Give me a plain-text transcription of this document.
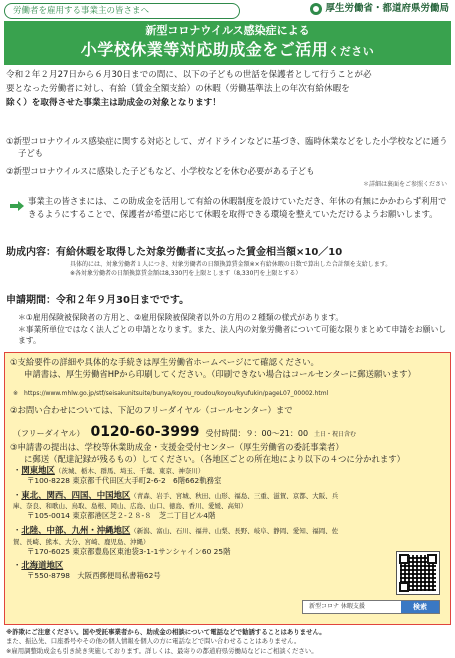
労働者を雇用する事業主の皆さまへ	厚生労働省・都道府県労働局
新型コロナウイルス感染症による
小学校休業等対応助成金をご活用ください
令和２年２月27日から６月30日までの間に、以下の子どもの世話を保護者として行うことが必
要となった労働者に対し、有給（賃金全額支給）の休暇（労働基準法上の年次有給休暇を
除く）を取得させた事業主は助成金の対象となります！
①新型コロナウイルス感染症に関する対応として、ガイドラインなどに基づき、臨時休業などをした小学校などに通う子ども
②新型コロナウイルスに感染した子どもなど、小学校などを休む必要がある子ども
＊詳細は裏面をご参照ください
事業主の皆さまには、この助成金を活用して有給の休暇制度を設けていただき、年休の有無にかかわらず利用できるようにすることで、保護者が希望に応じて休暇を取得できる環境を整えていただけるようお願いします。
助成内容：有給休暇を取得した対象労働者に支払った賃金相当額×10／10
具体的には、対象労働者１人につき、対象労働者の日額換算賃金額※×有給休暇の日数で算出した合計額を支給します。
※各対象労働者の日額換算賃金額は8,330円を上限とします（8,330円を上限とする）
申請期間：令和２年９月30日までです。
＊①雇用保険被保険者の方用と、②雇用保険被保険者以外の方用の２種類の様式があります。
＊事業所単位ではなく法人ごとの申請となります。また、法人内の対象労働者について可能な限りまとめて申請をお願いします。
①支給要件の詳細や具体的な手続きは厚生労働省ホームページにて確認ください。
申請書は、厚生労働省HPから印刷してください。（印刷できない場合はコールセンターに郵送願います）
※　https://www.mhlw.go.jp/stf/seisakunitsuite/bunya/koyou_roudou/koyou/kyufukin/pageL07_00002.html
②お問い合わせについては、下記のフリーダイヤル（コールセンター）まで
（フリーダイヤル） 0120-60-3999 受付時間：９：00～21：00 土日・祝日含む
③申請書の提出は、学校等休業助成金・支援金受付センター（厚生労働省の委託事業者）
に郵送（配達記録が残るもの）してください。（各地区ごとの所在地により以下の４つに分かれます）
・関東地区（茨城、栃木、群馬、埼玉、千葉、東京、神奈川）
〒100-8228 東京都千代田区大手町2-6-2　6階662軌務室
・東北、関西、四国、中国地区（青森、岩手、宮城、秋田、山形、福島、三重、滋賀、京都、大阪、兵庫、奈良、和歌山、鳥取、島根、岡山、広島、山口、徳島、香川、愛媛、高知）
〒105-0014 東京都港区芝２-２８-８　芝二丁目ビル4階
・北陸、中部、九州・沖縄地区（新潟、富山、石川、福井、山梨、長野、岐阜、静岡、愛知、福岡、佐賀、長崎、熊本、大分、宮崎、鹿児島、沖縄）
〒170-6025 東京都豊島区東池袋3-1-1サンシャイン60 25階
・北海道地区
〒550-8798　大阪西郵便局私書箱62号
新型コロナ 休暇支援	検索
※詐欺にご注意ください。国や受託事業者から、助成金の相談について電話などで勧誘することはありません。
また、振込先、口座番号やその他の個人情報を個人の方に電話などで問い合わせることはありません。
※雇用調整助成金も引き続き実施しております。詳しくは、最寄りの都道府県労働局などにご相談ください。
